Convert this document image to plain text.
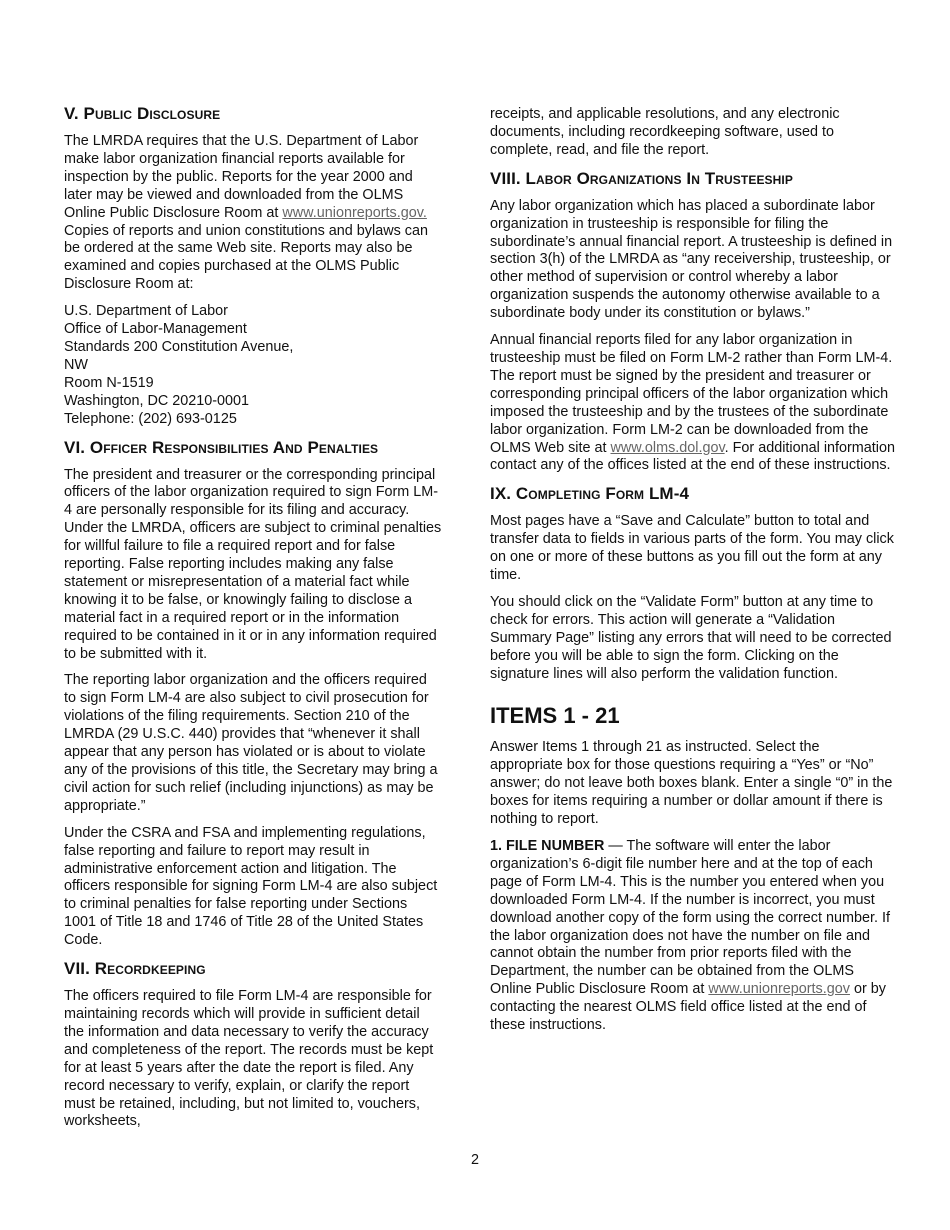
V. Public Disclosure

The LMRDA requires that the U.S. Department of Labor make labor organization financial reports available for inspection by the public. Reports for the year 2000 and later may be viewed and downloaded from the OLMS Online Public Disclosure Room at www.unionreports.gov. Copies of reports and union constitutions and bylaws can be ordered at the same Web site. Reports may also be examined and copies purchased at the OLMS Public Disclosure Room at:

U.S. Department of Labor
Office of Labor-Management
Standards 200 Constitution Avenue,
NW
Room N-1519
Washington, DC 20210-0001
Telephone: (202) 693-0125
VI. Officer Responsibilities And Penalties

The president and treasurer or the corresponding principal officers of the labor organization required to sign Form LM-4 are personally responsible for its filing and accuracy. Under the LMRDA, officers are subject to criminal penalties for willful failure to file a required report and for false reporting. False reporting includes making any false statement or misrepresentation of a material fact while knowing it to be false, or knowingly failing to disclose a material fact in a required report or in the information required to be contained in it or in any information required to be submitted with it.

The reporting labor organization and the officers required to sign Form LM-4 are also subject to civil prosecution for violations of the filing requirements. Section 210 of the LMRDA (29 U.S.C. 440) provides that “whenever it shall appear that any person has violated or is about to violate any of the provisions of this title, the Secretary may bring a civil action for such relief (including injunctions) as may be appropriate.”

Under the CSRA and FSA and implementing regulations, false reporting and failure to report may result in administrative enforcement action and litigation. The officers responsible for signing Form LM-4 are also subject to criminal penalties for false reporting under Sections 1001 of Title 18 and 1746 of Title 28 of the United States Code.

VII. Recordkeeping

The officers required to file Form LM-4 are responsible for maintaining records which will provide in sufficient detail the information and data necessary to verify the accuracy and completeness of the report. The records must be kept for at least 5 years after the date the report is filed. Any record necessary to verify, explain, or clarify the report must be retained, including, but not limited to, vouchers, worksheets,

receipts, and applicable resolutions, and any electronic documents, including recordkeeping software, used to complete, read, and file the report.

VIII. Labor Organizations In Trusteeship

Any labor organization which has placed a subordinate labor organization in trusteeship is responsible for filing the subordinate’s annual financial report. A trusteeship is defined in section 3(h) of the LMRDA as “any receivership, trusteeship, or other method of supervision or control whereby a labor organization suspends the autonomy otherwise available to a subordinate body under its constitution or bylaws.”

Annual financial reports filed for any labor organization in trusteeship must be filed on Form LM-2 rather than Form LM-4. The report must be signed by the president and treasurer or corresponding principal officers of the labor organization which imposed the trusteeship and by the trustees of the subordinate labor organization. Form LM-2 can be downloaded from the OLMS Web site at www.olms.dol.gov. For additional information contact any of the offices listed at the end of these instructions.

IX. Completing Form LM-4

Most pages have a “Save and Calculate” button to total and transfer data to fields in various parts of the form. You may click on one or more of these buttons as you fill out the form at any time.

You should click on the “Validate Form” button at any time to check for errors. This action will generate a “Validation Summary Page” listing any errors that will need to be corrected before you will be able to sign the form. Clicking on the signature lines will also perform the validation function.

ITEMS 1 - 21

Answer Items 1 through 21 as instructed. Select the appropriate box for those questions requiring a “Yes” or “No” answer; do not leave both boxes blank. Enter a single “0” in the boxes for items requiring a number or dollar amount if there is nothing to report.

1. FILE NUMBER — The software will enter the labor organization’s 6-digit file number here and at the top of each page of Form LM-4. This is the number you entered when you downloaded Form LM-4. If the number is incorrect, you must download another copy of the form using the correct number. If the labor organization does not have the number on file and cannot obtain the number from prior reports filed with the Department, the number can be obtained from the OLMS Online Public Disclosure Room at www.unionreports.gov or by contacting the nearest OLMS field office listed at the end of these instructions.

2
